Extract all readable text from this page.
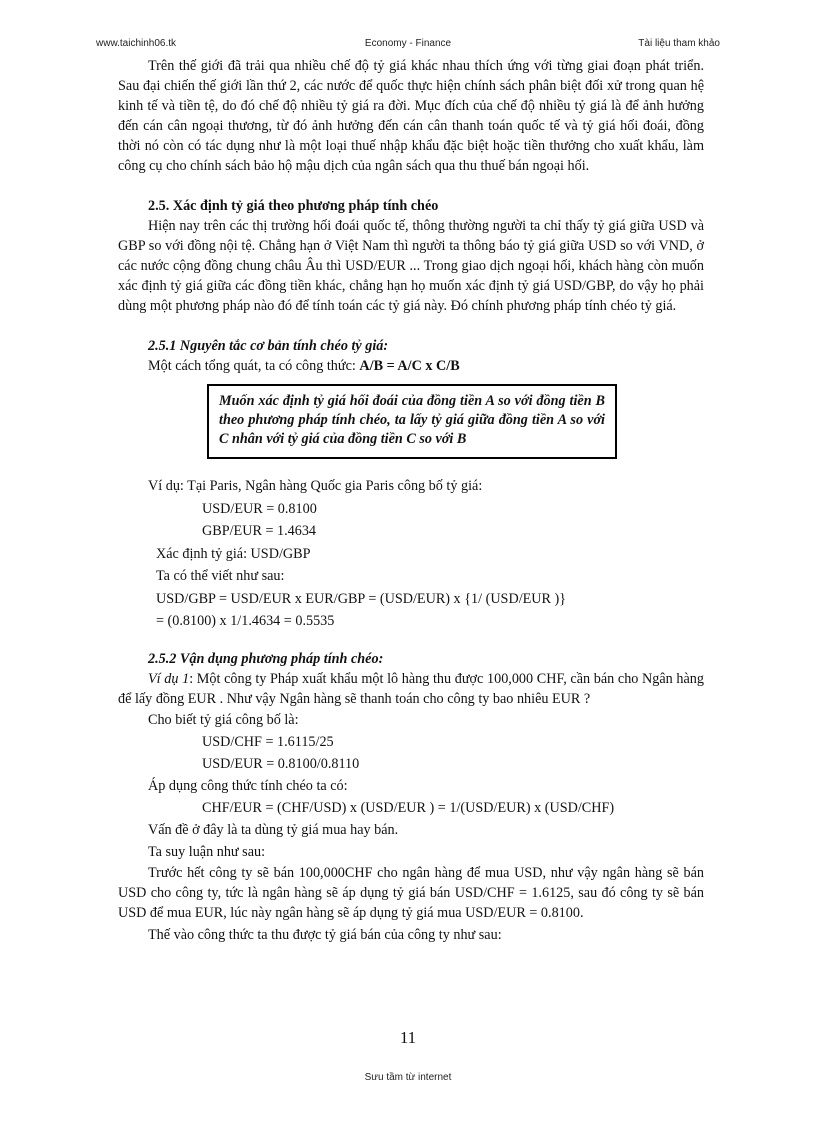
www.taichinh06.tk	Economy - Finance	Tài liệu tham khảo

Trên thế giới đã trải qua nhiều chế độ tỷ giá khác nhau thích ứng với từng giai đoạn phát triển. Sau đại chiến thế giới lần thứ 2, các nước để quốc thực hiện chính sách phân biệt đối xử trong quan hệ kinh tế và tiền tệ, do đó chế độ nhiều tỷ giá ra đời. Mục đích của chế độ nhiều tỷ giá là để ảnh hưởng đến cán cân ngoại thương, từ đó ảnh hưởng đến cán cân thanh toán quốc tế và tỷ giá hối đoái, đồng thời nó còn có tác dụng như là một loại thuế nhập khẩu đặc biệt hoặc tiền thưởng cho xuất khẩu, làm công cụ cho chính sách bảo hộ mậu dịch của ngân sách qua thu thuế bán ngoại hối.

2.5. Xác định tỷ giá theo phương pháp tính chéo

Hiện nay trên các thị trường hối đoái quốc tế, thông thường người ta chỉ thấy tỷ giá giữa USD và GBP so với đồng nội tệ. Chẳng hạn ở Việt Nam thì người ta thông báo tỷ giá giữa USD so với VND, ở các nước cộng đồng chung châu Âu thì USD/EUR ... Trong giao dịch ngoại hối, khách hàng còn muốn xác định tỷ giá giữa các đồng tiền khác, chẳng hạn họ muốn xác định tỷ giá USD/GBP, do vậy họ phải dùng một phương pháp nào đó để tính toán các tỷ giá này. Đó chính phương pháp tính chéo tỷ giá.

2.5.1 Nguyên tắc cơ bản tính chéo tỷ giá:

Một cách tổng quát, ta có công thức: A/B = A/C x C/B

Muốn xác định tỷ giá hối đoái của đồng tiền A so với đồng tiền B theo phương pháp tính chéo, ta lấy tỷ giá giữa đồng tiền A so với C nhân với tỷ giá của đồng tiền C so với B

Ví dụ: Tại Paris, Ngân hàng Quốc gia Paris công bố tỷ giá:

USD/EUR = 0.8100

GBP/EUR = 1.4634

Xác định tỷ giá: USD/GBP

Ta có thể viết như sau:

USD/GBP = USD/EUR x EUR/GBP = (USD/EUR) x {1/ (USD/EUR )}

= (0.8100) x 1/1.4634 = 0.5535

2.5.2 Vận dụng phương pháp tính chéo:

Ví dụ 1: Một công ty Pháp xuất khẩu một lô hàng thu được 100,000 CHF, cần bán cho Ngân hàng để lấy đồng EUR . Như vậy Ngân hàng sẽ thanh toán cho công ty bao nhiêu EUR ?

Cho biết tỷ giá công bố là:

USD/CHF = 1.6115/25

USD/EUR = 0.8100/0.8110

Áp dụng công thức tính chéo ta có:

CHF/EUR = (CHF/USD) x (USD/EUR ) = 1/(USD/EUR) x (USD/CHF)

Vấn đề ở đây là ta dùng tỷ giá mua hay bán.

Ta suy luận như sau:

Trước hết công ty sẽ bán 100,000CHF cho ngân hàng để mua USD, như vậy ngân hàng sẽ bán USD cho công ty, tức là ngân hàng sẽ áp dụng tỷ giá bán USD/CHF = 1.6125, sau đó công ty sẽ bán USD để mua EUR, lúc này ngân hàng sẽ áp dụng tỷ giá mua USD/EUR = 0.8100.

Thế vào công thức ta thu được tỷ giá bán của công ty như sau:

11
Sưu tầm từ internet
